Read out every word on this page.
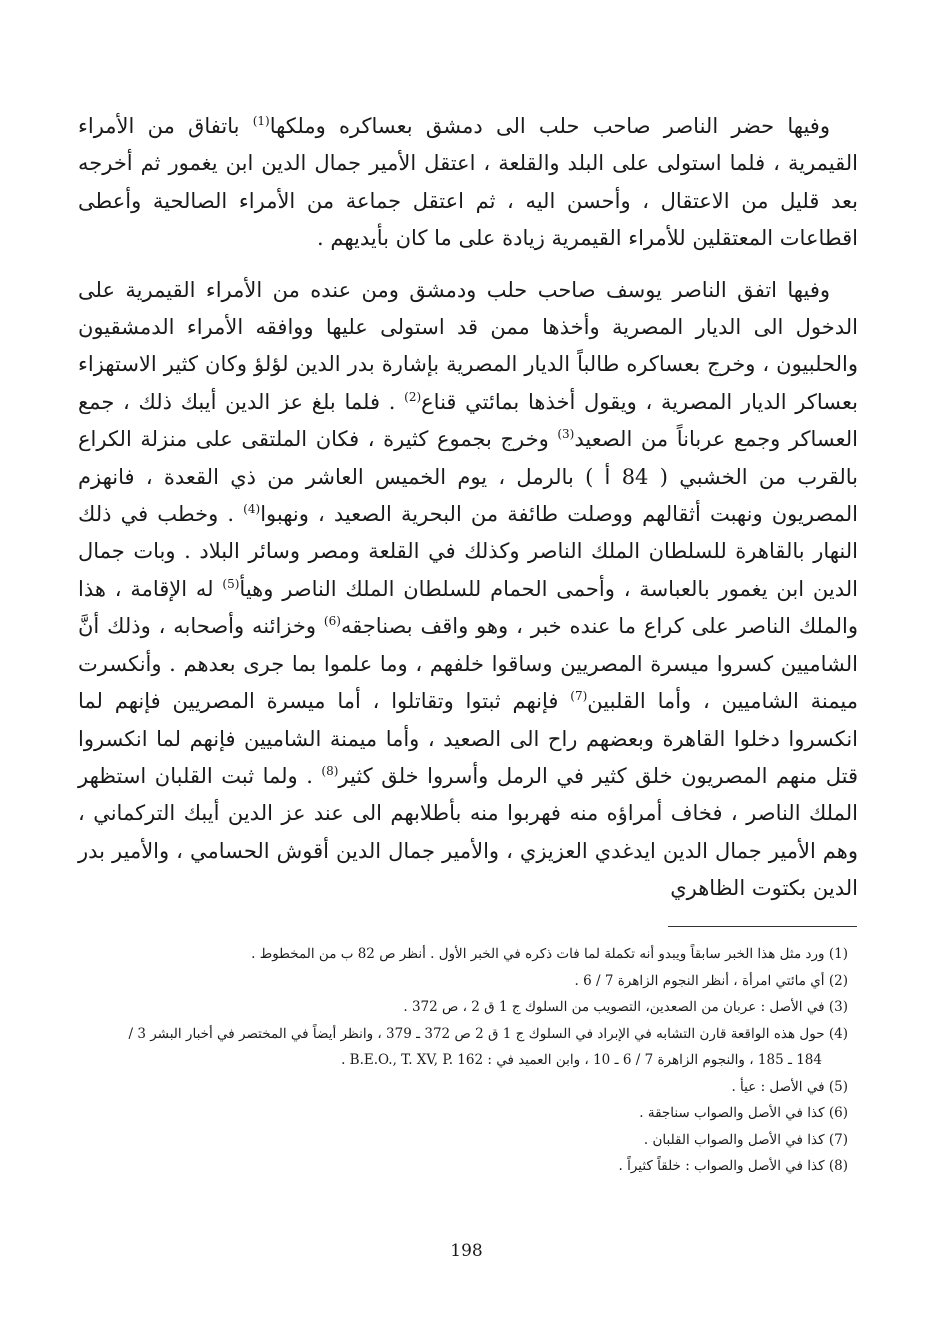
وفيها حضر الناصر صاحب حلب الى دمشق بعساكره وملكها$^{(1)}$ باتفاق من الأمراء القيمرية ، فلما استولى على البلد والقلعة ، اعتقل الأمير جمال الدين ابن يغمور ثم أخرجه بعد قليل من الاعتقال ، وأحسن اليه ، ثم اعتقل جماعة من الأمراء الصالحية وأعطى اقطاعات المعتقلين للأمراء القيمرية زيادة على ما كان بأيديهم .

وفيها اتفق الناصر يوسف صاحب حلب ودمشق ومن عنده من الأمراء القيمرية على الدخول الى الديار المصرية وأخذها ممن قد استولى عليها ووافقه الأمراء الدمشقيون والحلبيون ، وخرج بعساكره طالباً الديار المصرية بإشارة بدر الدين لؤلؤ وكان كثير الاستهزاء بعساكر الديار المصرية ، ويقول أخذها بمائتي قناع$^{(2)}$ . فلما بلغ عز الدين أيبك ذلك ، جمع العساكر وجمع عرباناً من الصعيد$^{(3)}$ وخرج بجموع كثيرة ، فكان الملتقى على منزلة الكراع بالقرب من الخشبي ( 84 أ ) بالرمل ، يوم الخميس العاشر من ذي القعدة ، فانهزم المصريون ونهبت أثقالهم ووصلت طائفة من البحرية الصعيد ، ونهبوا$^{(4)}$ . وخطب في ذلك النهار بالقاهرة للسلطان الملك الناصر وكذلك في القلعة ومصر وسائر البلاد . وبات جمال الدين ابن يغمور بالعباسة ، وأحمى الحمام للسلطان الملك الناصر وهيأ$^{(5)}$ له الإقامة ، هذا والملك الناصر على كراع ما عنده خبر ، وهو واقف بصناجقه$^{(6)}$ وخزائنه وأصحابه ، وذلك أنَّ الشاميين كسروا ميسرة المصريين وساقوا خلفهم ، وما علموا بما جرى بعدهم . وأنكسرت ميمنة الشاميين ، وأما القلبين$^{(7)}$ فإنهم ثبتوا وتقاتلوا ، أما ميسرة المصريين فإنهم لما انكسروا دخلوا القاهرة وبعضهم راح الى الصعيد ، وأما ميمنة الشاميين فإنهم لما انكسروا قتل منهم المصريون خلق كثير في الرمل وأسروا خلق كثير$^{(8)}$ . ولما ثبت القلبان استظهر الملك الناصر ، فخاف أمراؤه منه فهربوا منه بأطلابهم الى عند عز الدين أيبك التركماني ، وهم الأمير جمال الدين ايدغدي العزيزي ، والأمير جمال الدين أقوش الحسامي ، والأمير بدر الدين بكتوت الظاهري

(1) ورد مثل هذا الخبر سابقاً ويبدو أنه تكملة لما فات ذكره في الخبر الأول . أنظر ص 82 ب من المخطوط .

(2) أي مائتي امرأة ، أنظر النجوم الزاهرة 7 / 6 .

(3) في الأصل : عربان من الصعدين، التصويب من السلوك ج 1 ق 2 ، ص 372 .

(4) حول هذه الواقعة قارن التشابه في الإبراد في السلوك ج 1 ق 2 ص 372 ـ 379 ، وانظر أيضاً في المختصر في أخبار البشر 3 /
184 ـ 185 ، والنجوم الزاهرة 7 / 6 ـ 10 ، وابن العميد في : B.E.O., T. XV, P. 162 .

(5) في الأصل : عيأ .

(6) كذا في الأصل والصواب سناجقة .

(7) كذا في الأصل والصواب القلبان .

(8) كذا في الأصل والصواب : خلقاً كثيراً .

198
